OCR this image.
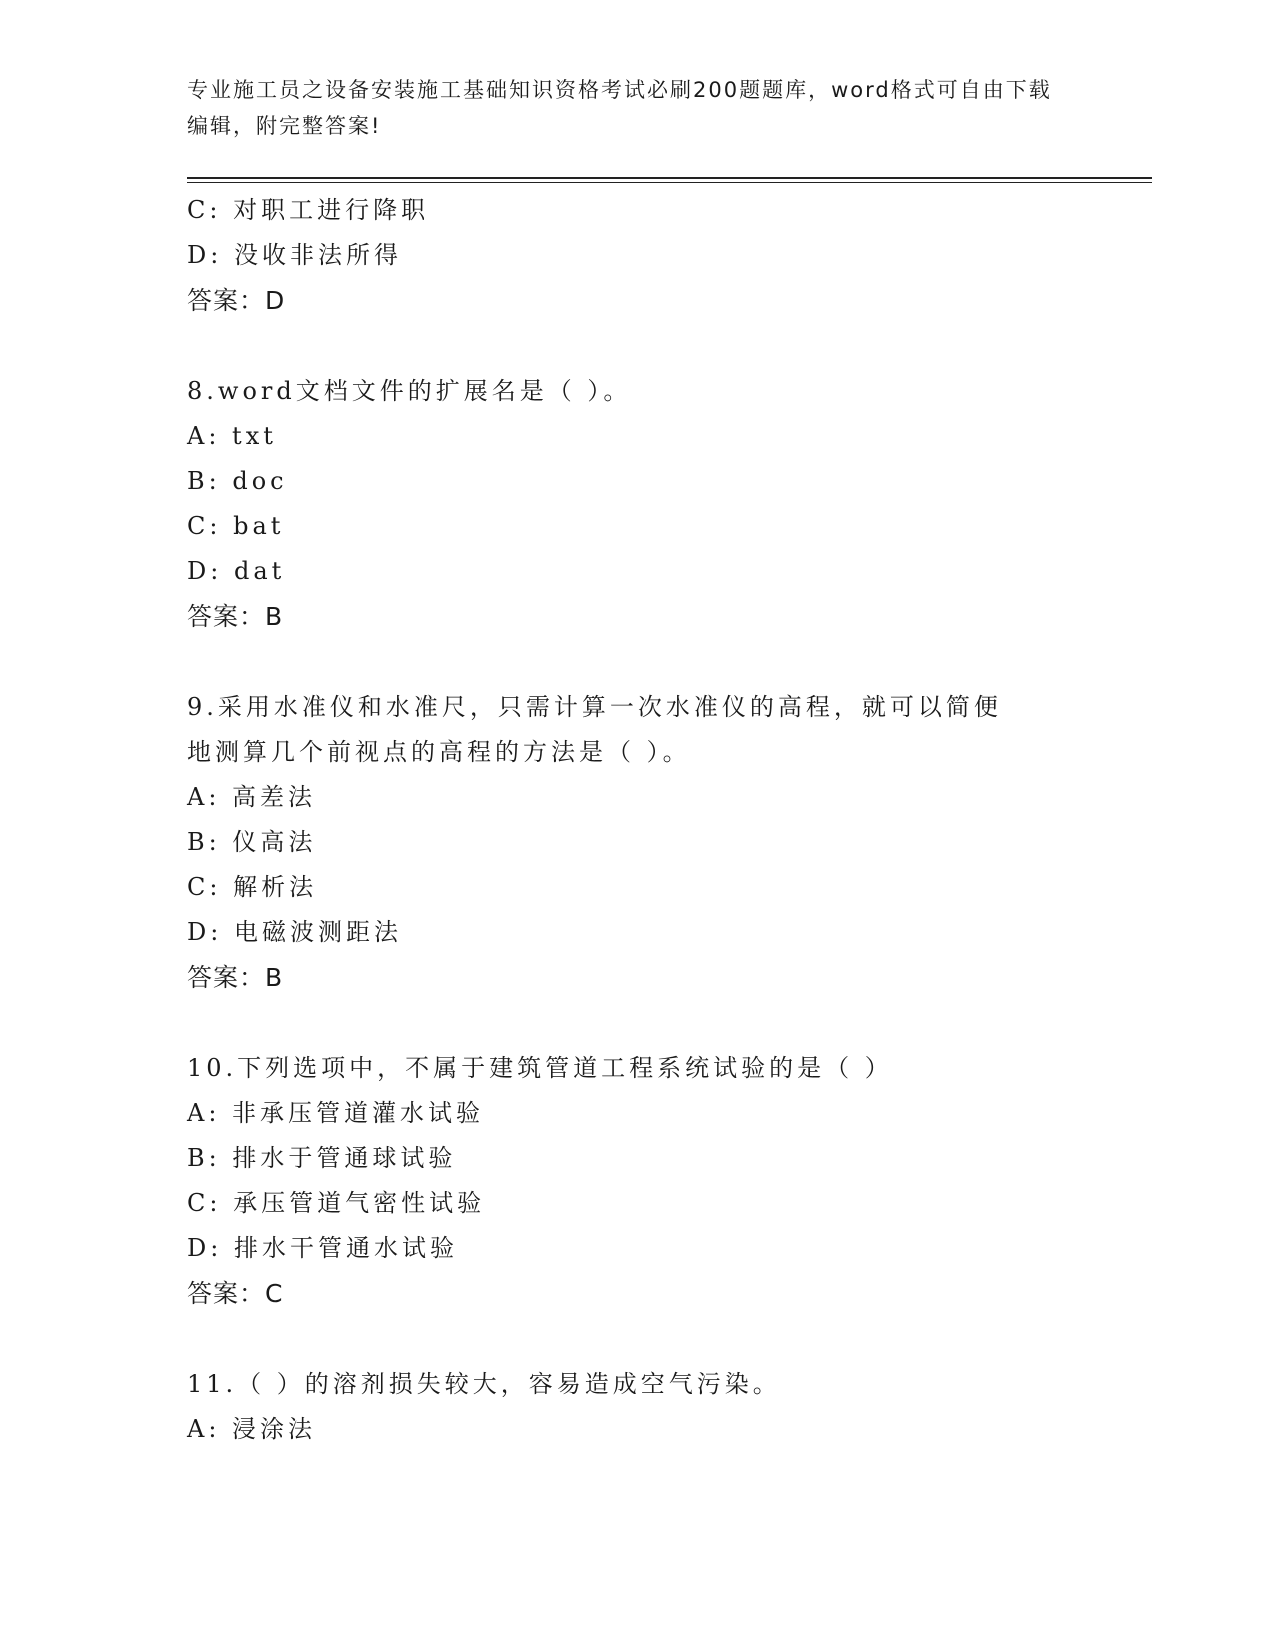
专业施工员之设备安装施工基础知识资格考试必刷200题题库，word格式可自由下载编辑，附完整答案!
C: 对职工进行降职
D: 没收非法所得
答案：D
8.word文档文件的扩展名是（ ）。
A: txt
B: doc
C: bat
D: dat
答案：B
9.采用水准仪和水准尺，只需计算一次水准仪的高程，就可以简便地测算几个前视点的高程的方法是（ ）。
A: 高差法
B: 仪高法
C: 解析法
D: 电磁波测距法
答案：B
10.下列选项中，不属于建筑管道工程系统试验的是（ ）
A: 非承压管道灌水试验
B: 排水于管通球试验
C: 承压管道气密性试验
D: 排水干管通水试验
答案：C
11.（ ）的溶剂损失较大，容易造成空气污染。
A: 浸涂法
